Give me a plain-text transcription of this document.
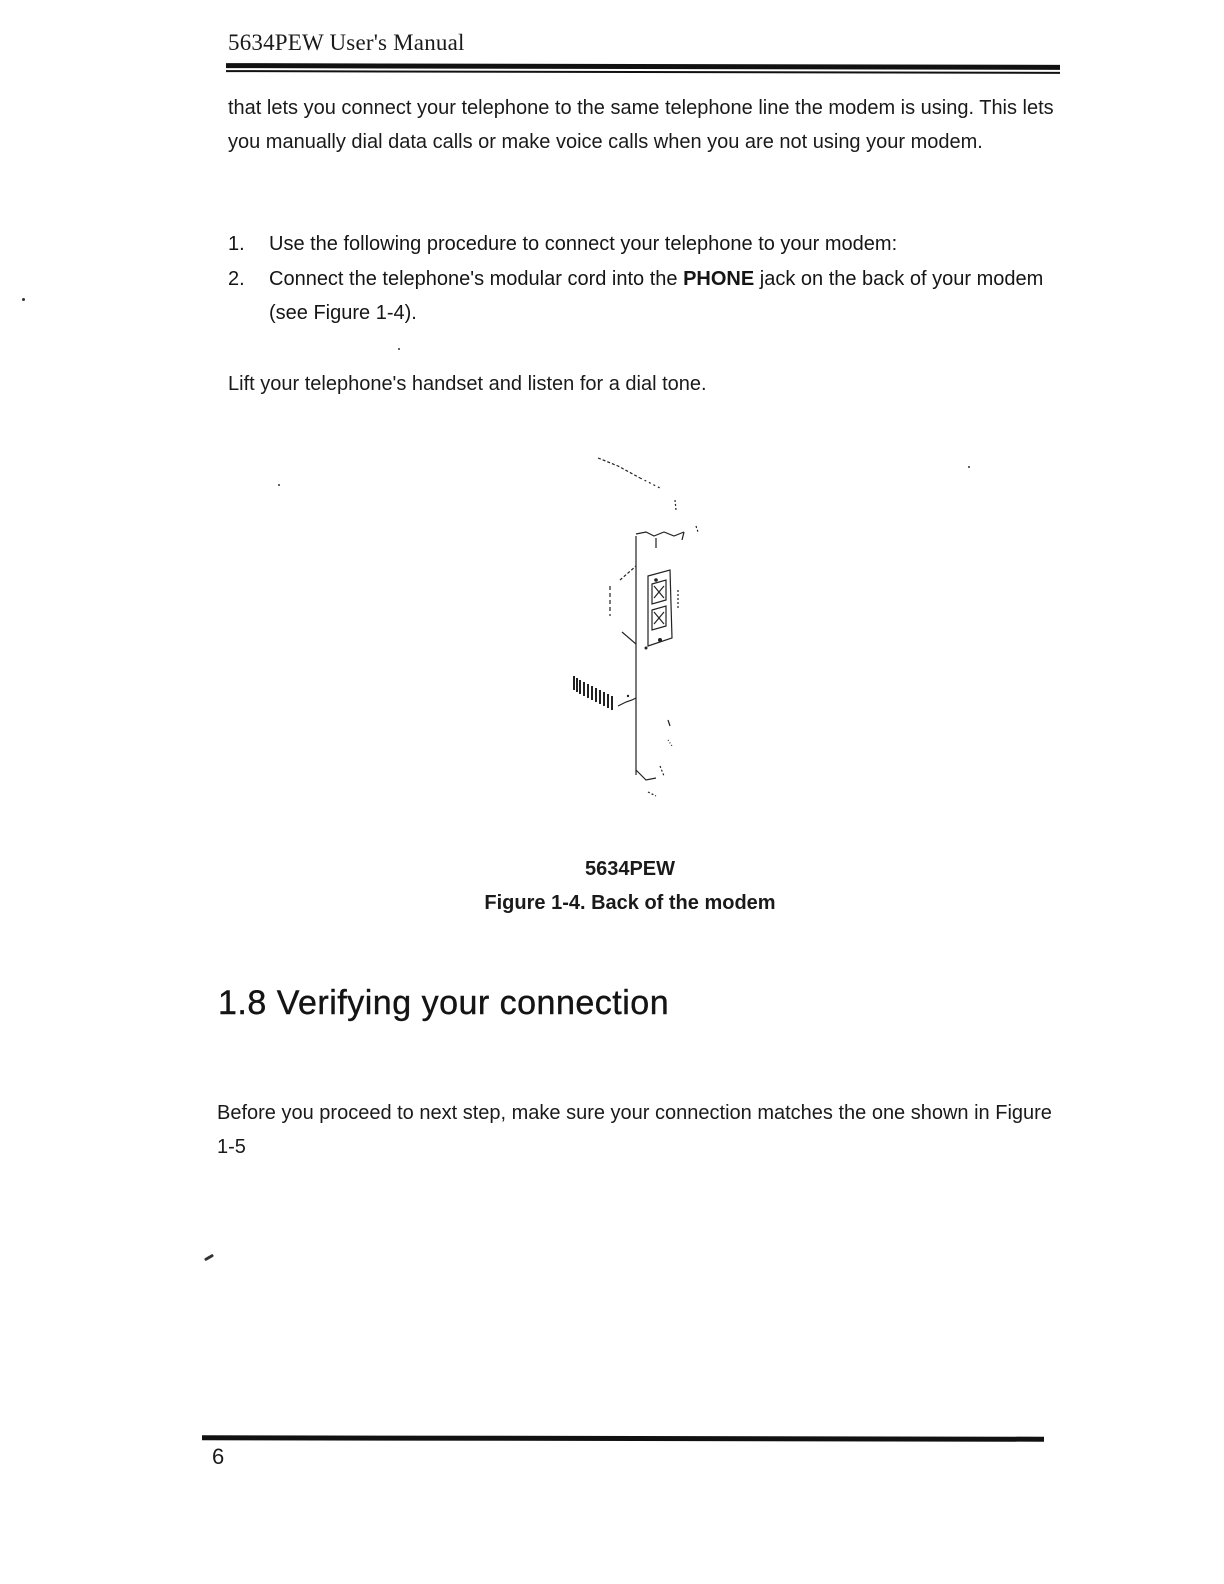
5634PEW User's Manual

that lets you connect your telephone to the same telephone line the modem is using. This lets you manually dial data calls or make voice calls when you are not using your modem.

1. Use the following procedure to connect your telephone to your modem:
2. Connect the telephone's modular cord into the PHONE jack on the back of your modem (see Figure 1-4).

Lift your telephone's handset and listen for a dial tone.

5634PEW
Figure 1-4. Back of the modem
1.8 Verifying your connection

Before you proceed to next step, make sure your connection matches the one shown in Figure 1-5

6
